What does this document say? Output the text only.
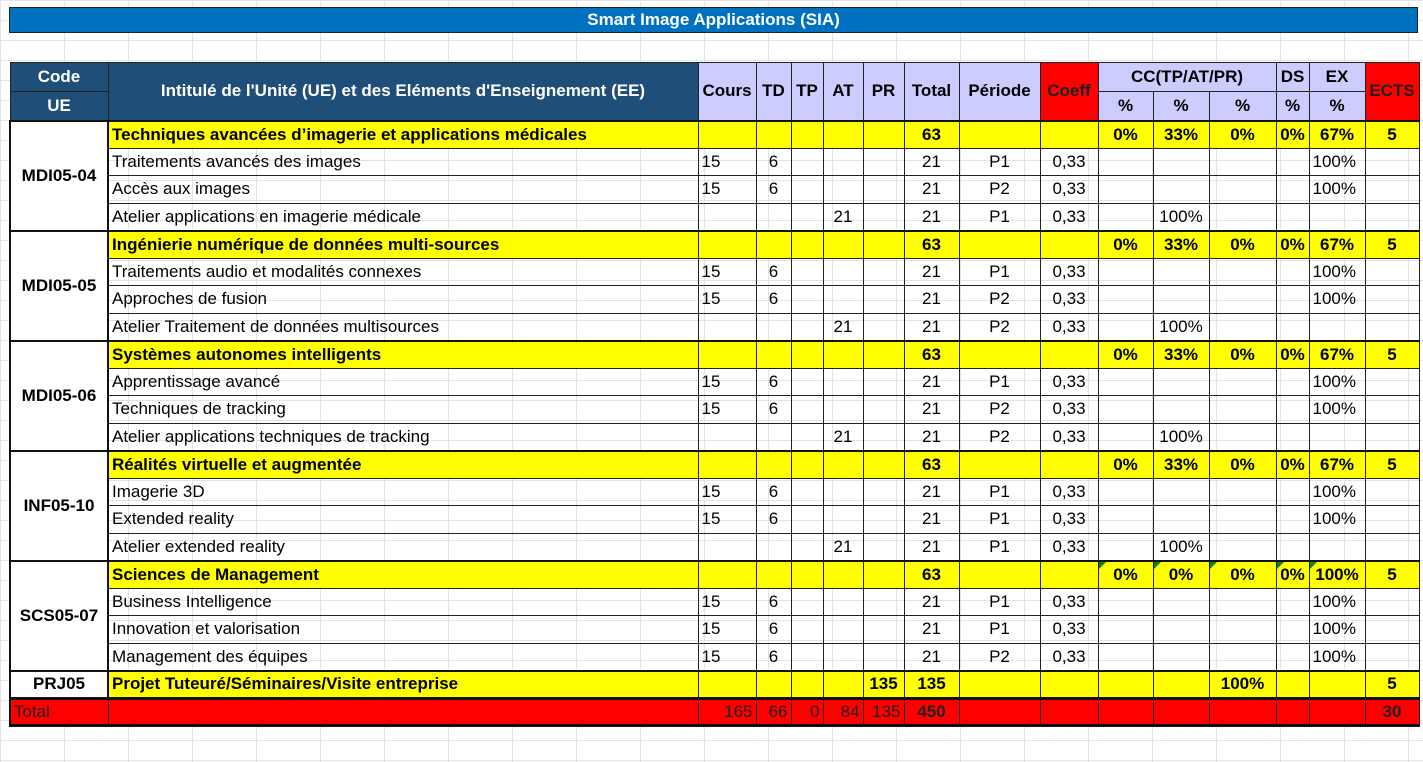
Smart Image Applications (SIA)
Code	Intitulé de l'Unité (UE) et des Eléments d'Enseignement (EE)	Cours	TD	TP	AT	PR	Total	Période	Coeff	CC(TP/AT/PR)			DS	EX	ECTS
UE										%	%	%	%	%	
MDI05-04	Techniques avancées d’imagerie et applications médicales						63			0%	33%	0%	0%	67%	5
	Traitements avancés des images	15	6				21	P1	0,33					100%	
	Accès aux images	15	6				21	P2	0,33					100%	
	Atelier applications en imagerie médicale				21		21	P1	0,33		100%				
MDI05-05	Ingénierie numérique de données multi-sources						63			0%	33%	0%	0%	67%	5
	Traitements audio et modalités connexes	15	6				21	P1	0,33					100%	
	Approches de fusion	15	6				21	P2	0,33					100%	
	Atelier Traitement de données multisources				21		21	P2	0,33		100%				
MDI05-06	Systèmes autonomes intelligents						63			0%	33%	0%	0%	67%	5
	Apprentissage avancé	15	6				21	P1	0,33					100%	
	Techniques de tracking	15	6				21	P2	0,33					100%	
	Atelier applications techniques de tracking				21		21	P2	0,33		100%				
INF05-10	Réalités virtuelle et augmentée						63			0%	33%	0%	0%	67%	5
	Imagerie 3D	15	6				21	P1	0,33					100%	
	Extended reality	15	6				21	P1	0,33					100%	
	Atelier extended reality				21		21	P1	0,33		100%				
SCS05-07	Sciences de Management						63			0%	0%	0%	0%	100%	5
	Business Intelligence	15	6				21	P1	0,33					100%	
	Innovation et valorisation	15	6				21	P1	0,33					100%	
	Management des équipes	15	6				21	P2	0,33					100%	
PRJ05	Projet Tuteuré/Séminaires/Visite entreprise					135	135					100%			5
Total		165	66	0	84	135	450								30
